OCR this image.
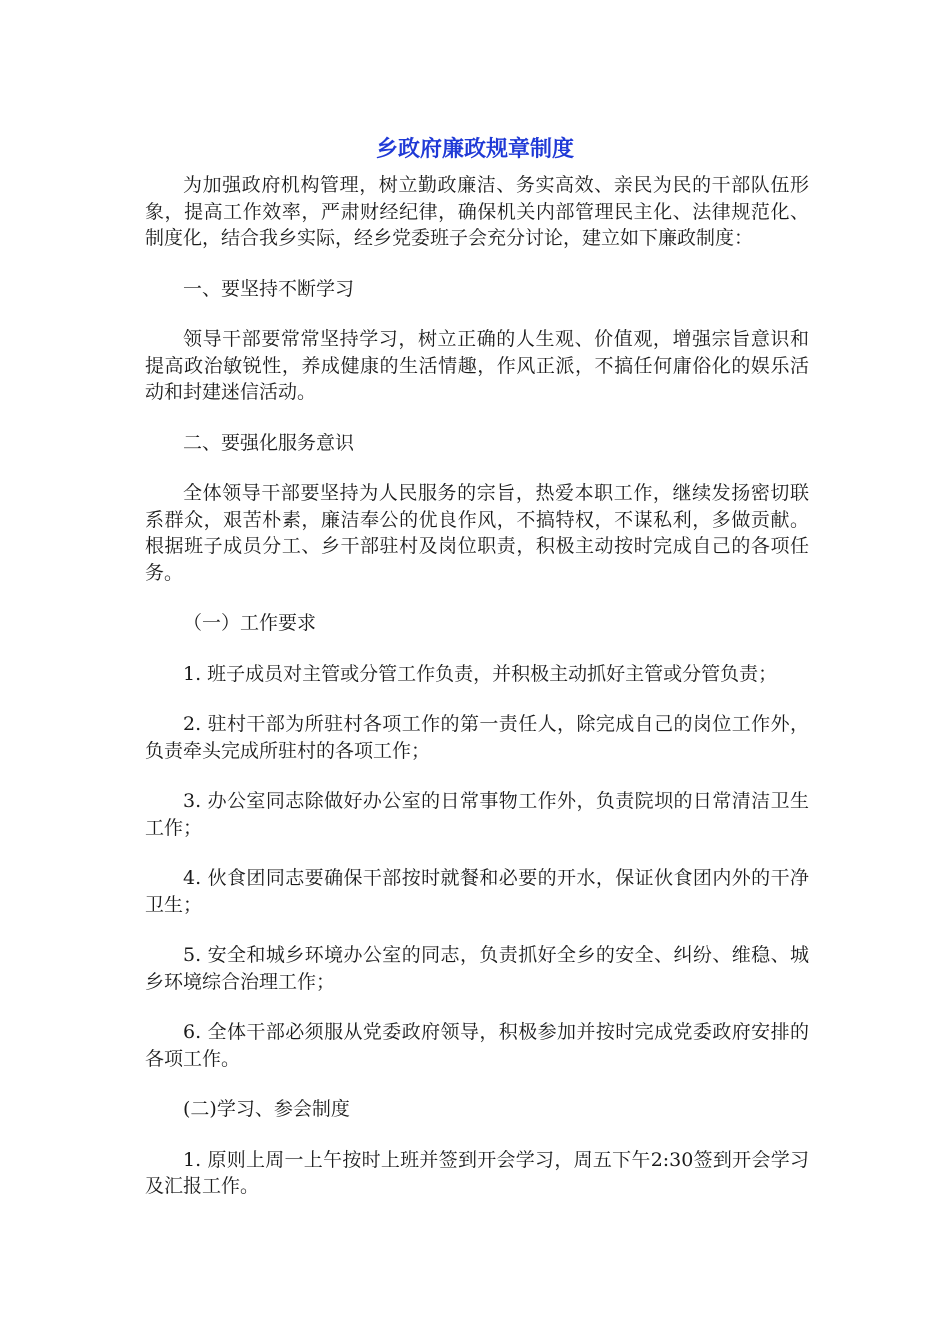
乡政府廉政规章制度

为加强政府机构管理，树立勤政廉洁、务实高效、亲民为民的干部队伍形象，提高工作效率，严肃财经纪律，确保机关内部管理民主化、法律规范化、制度化，结合我乡实际，经乡党委班子会充分讨论，建立如下廉政制度：

一、要坚持不断学习

领导干部要常常坚持学习，树立正确的人生观、价值观，增强宗旨意识和提高政治敏锐性，养成健康的生活情趣，作风正派，不搞任何庸俗化的娱乐活动和封建迷信活动。

二、要强化服务意识

全体领导干部要坚持为人民服务的宗旨，热爱本职工作，继续发扬密切联系群众，艰苦朴素，廉洁奉公的优良作风，不搞特权，不谋私利，多做贡献。根据班子成员分工、乡干部驻村及岗位职责，积极主动按时完成自己的各项任务。

（一）工作要求

1. 班子成员对主管或分管工作负责，并积极主动抓好主管或分管负责；

2. 驻村干部为所驻村各项工作的第一责任人，除完成自己的岗位工作外，负责牵头完成所驻村的各项工作；

3. 办公室同志除做好办公室的日常事物工作外，负责院坝的日常清洁卫生工作；

4. 伙食团同志要确保干部按时就餐和必要的开水，保证伙食团内外的干净卫生；

5. 安全和城乡环境办公室的同志，负责抓好全乡的安全、纠纷、维稳、城乡环境综合治理工作；

6. 全体干部必须服从党委政府领导，积极参加并按时完成党委政府安排的各项工作。

(二)学习、参会制度

1. 原则上周一上午按时上班并签到开会学习，周五下午2:30签到开会学习及汇报工作。
